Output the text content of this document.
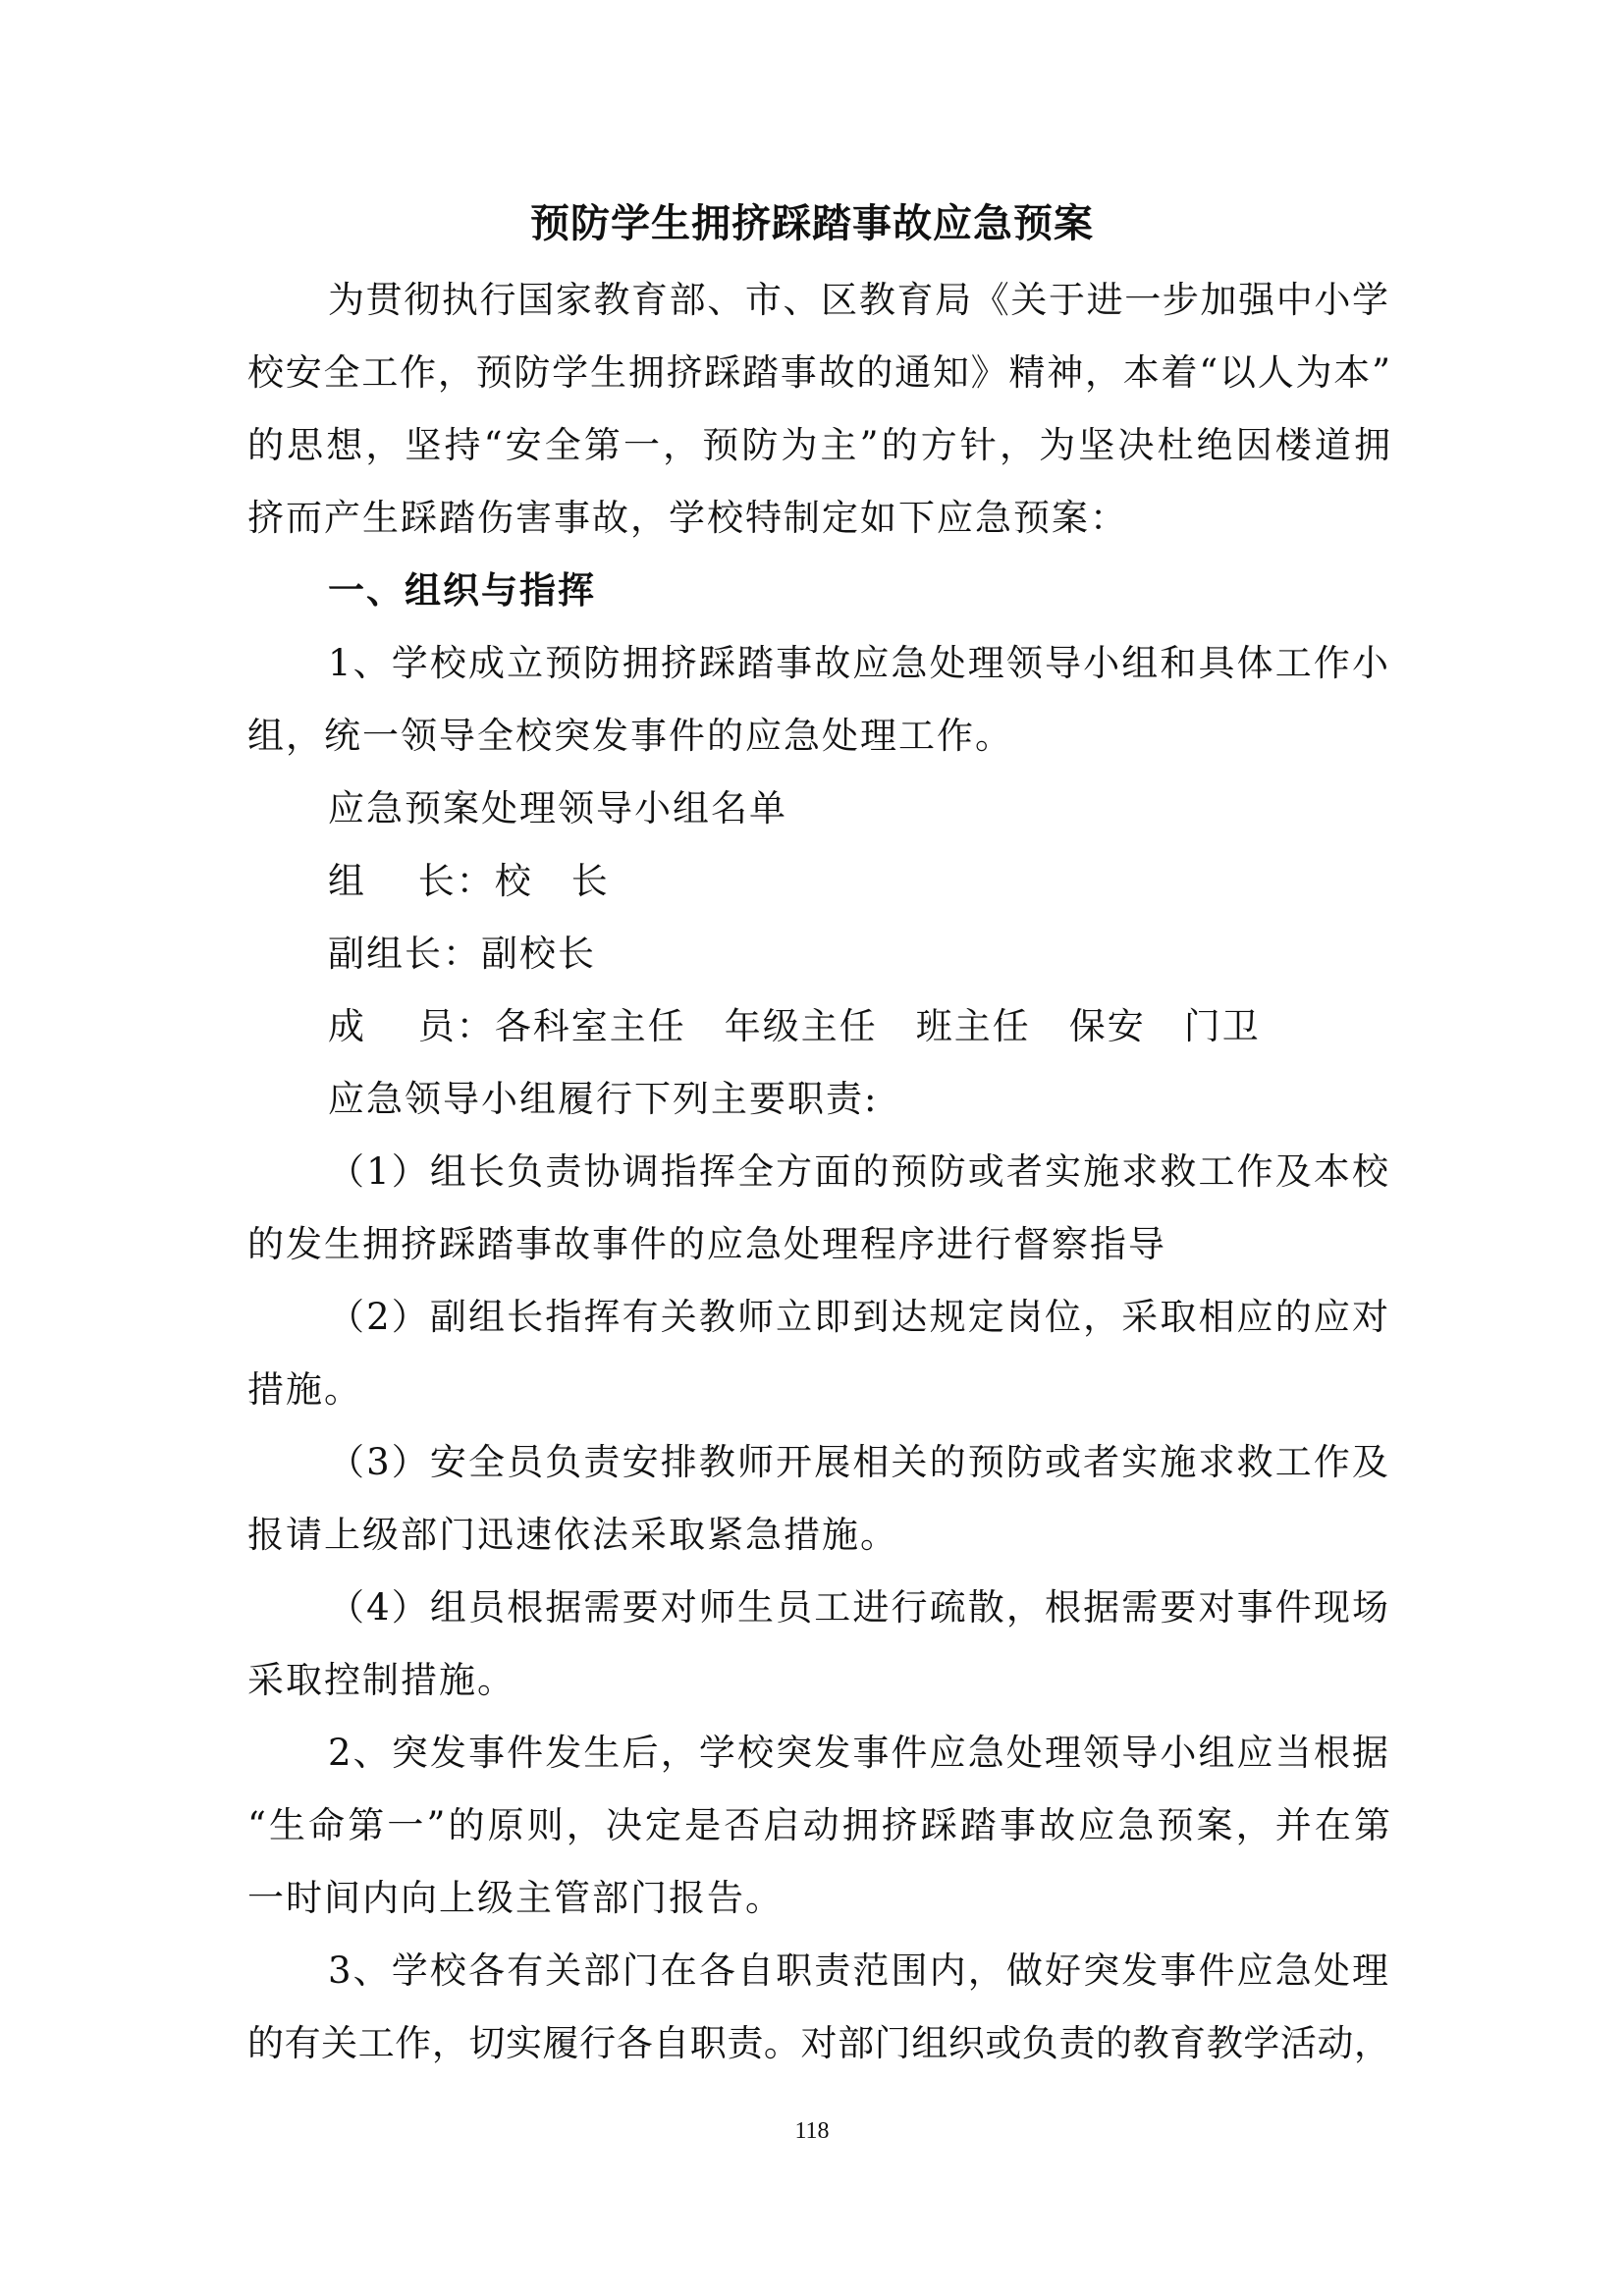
预防学生拥挤踩踏事故应急预案
为贯彻执行国家教育部、市、区教育局《关于进一步加强中小学
校安全工作，预防学生拥挤踩踏事故的通知》精神，本着“以人为本”
的思想，坚持“安全第一，预防为主”的方针，为坚决杜绝因楼道拥
挤而产生踩踏伤害事故，学校特制定如下应急预案：
一、组织与指挥
1、学校成立预防拥挤踩踏事故应急处理领导小组和具体工作小
组，统一领导全校突发事件的应急处理工作。
应急预案处理领导小组名单
组　 长：校　长
副组长：副校长
成　 员：各科室主任　年级主任　班主任　保安　门卫
应急领导小组履行下列主要职责:
（1）组长负责协调指挥全方面的预防或者实施求救工作及本校
的发生拥挤踩踏事故事件的应急处理程序进行督察指导
（2）副组长指挥有关教师立即到达规定岗位，采取相应的应对
措施。
（3）安全员负责安排教师开展相关的预防或者实施求救工作及
报请上级部门迅速依法采取紧急措施。
（4）组员根据需要对师生员工进行疏散，根据需要对事件现场
采取控制措施。
2、突发事件发生后，学校突发事件应急处理领导小组应当根据
“生命第一”的原则，决定是否启动拥挤踩踏事故应急预案，并在第
一时间内向上级主管部门报告。
3、学校各有关部门在各自职责范围内，做好突发事件应急处理
的有关工作，切实履行各自职责。对部门组织或负责的教育教学活动，
118
